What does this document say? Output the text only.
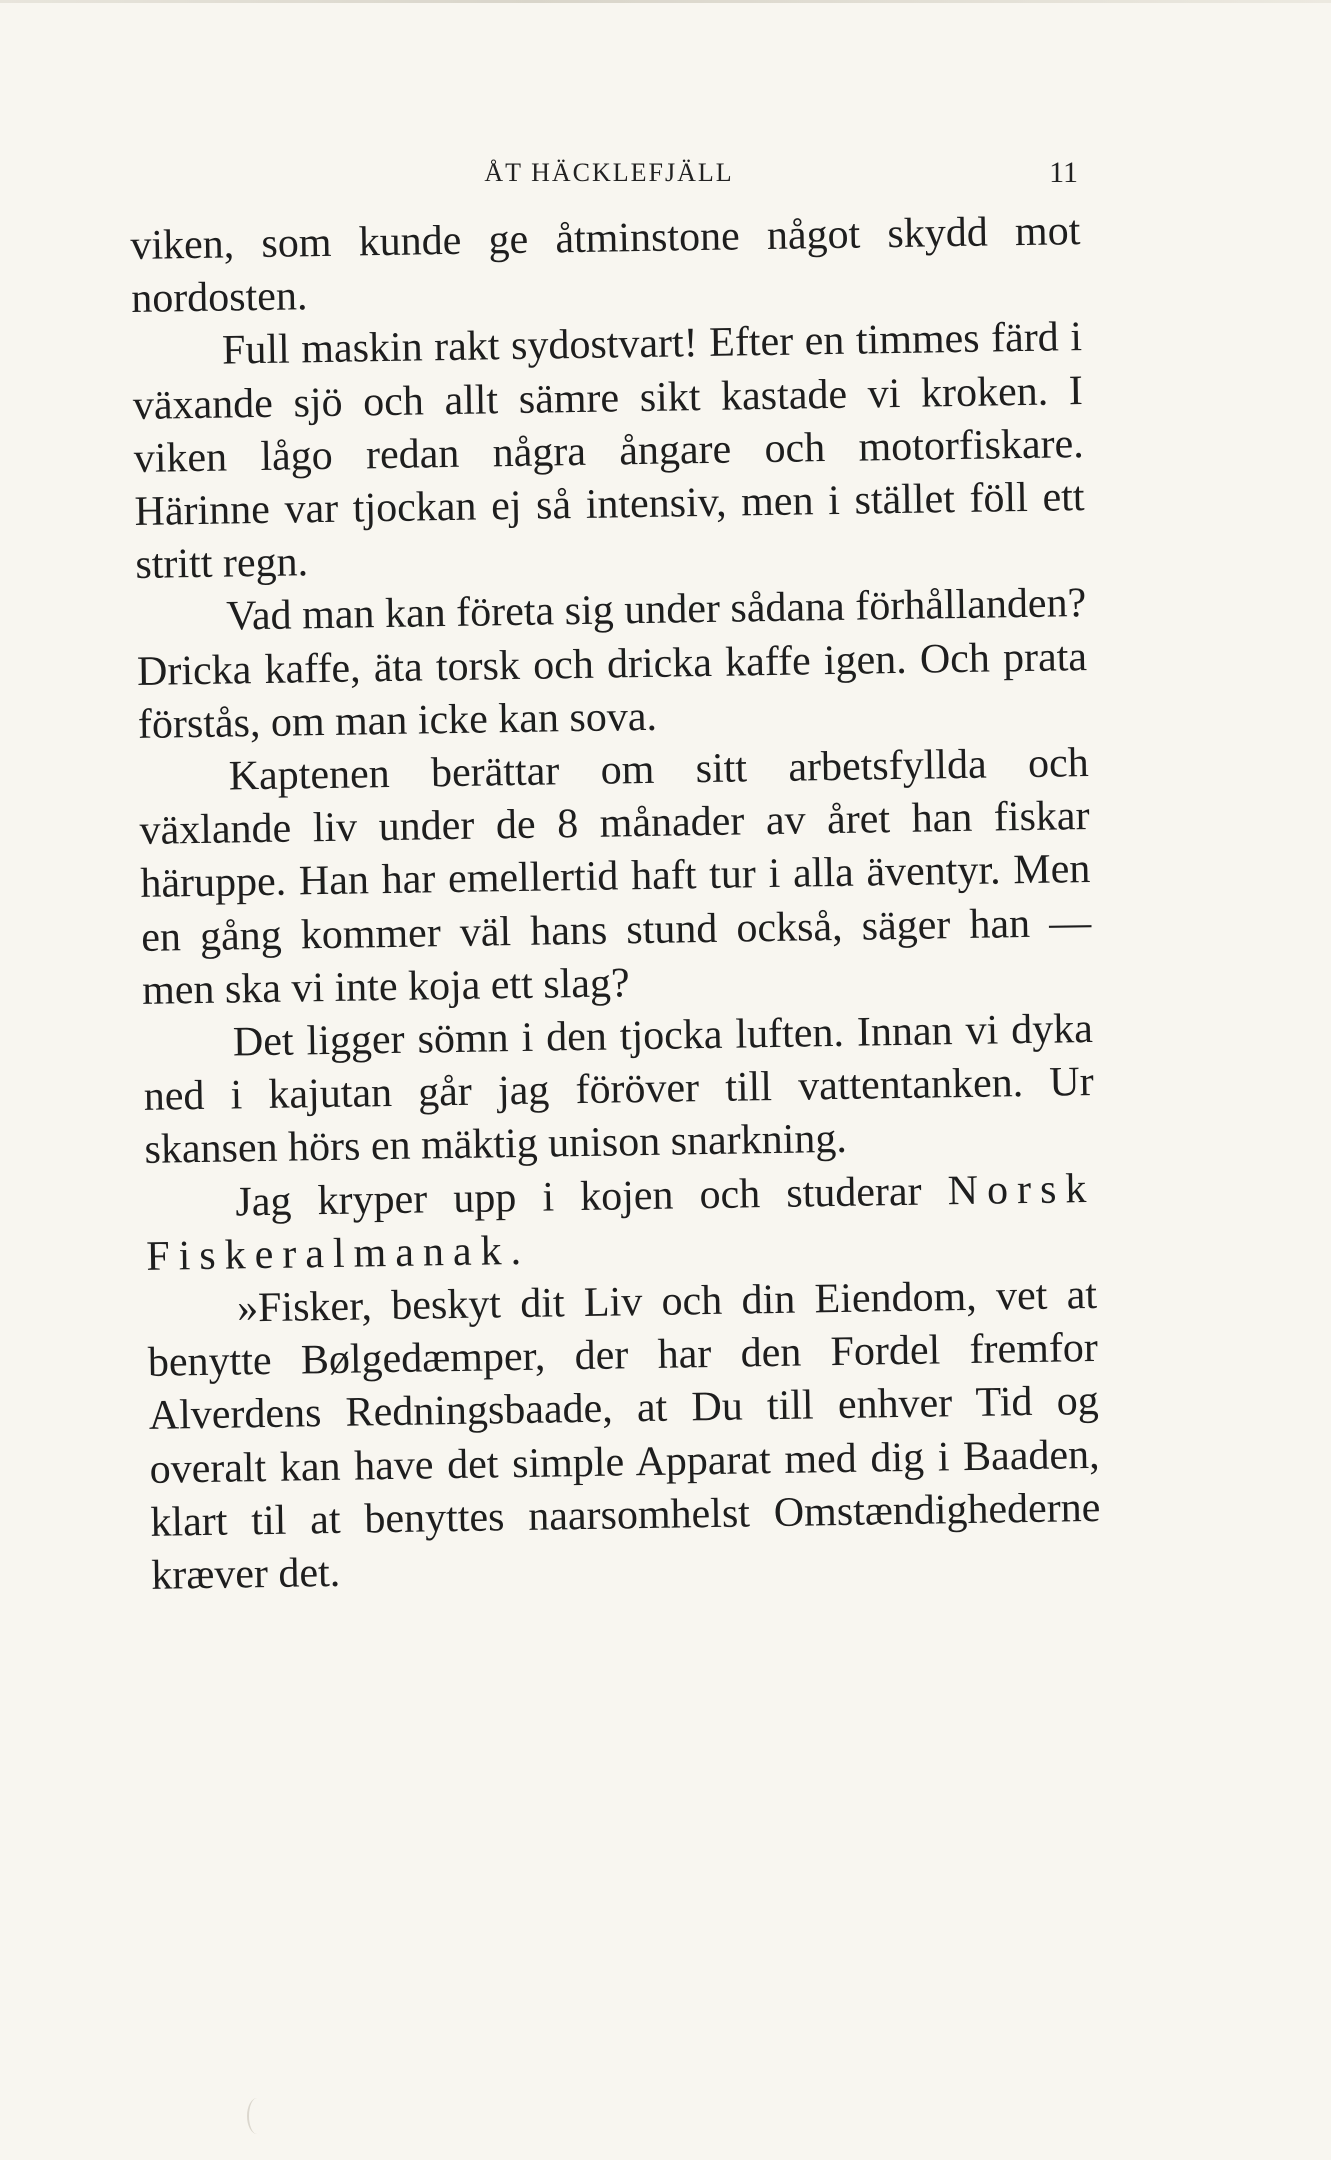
ÅT HÄCKLEFJÄLL	11

viken, som kunde ge åtminstone något skydd mot nordosten.

Full maskin rakt sydostvart! Efter en timmes färd i växande sjö och allt sämre sikt kastade vi kroken. I viken lågo redan några ångare och motorfiskare. Härinne var tjockan ej så intensiv, men i stället föll ett stritt regn.

Vad man kan företa sig under sådana förhållanden? Dricka kaffe, äta torsk och dricka kaffe igen. Och prata förstås, om man icke kan sova.

Kaptenen berättar om sitt arbetsfyllda och växlande liv under de 8 månader av året han fiskar häruppe. Han har emellertid haft tur i alla äventyr. Men en gång kommer väl hans stund också, säger han — men ska vi inte koja ett slag?

Det ligger sömn i den tjocka luften. Innan vi dyka ned i kajutan går jag föröver till vattentanken. Ur skansen hörs en mäktig unison snarkning.

Jag kryper upp i kojen och studerar Norsk Fiskeralmanak.

»Fisker, beskyt dit Liv och din Eiendom, vet at benytte Bølgedæmper, der har den Fordel fremfor Alverdens Redningsbaade, at Du till enhver Tid og overalt kan have det simple Apparat med dig i Baaden, klart til at benyttes naarsomhelst Omstændighederne kræver det.
